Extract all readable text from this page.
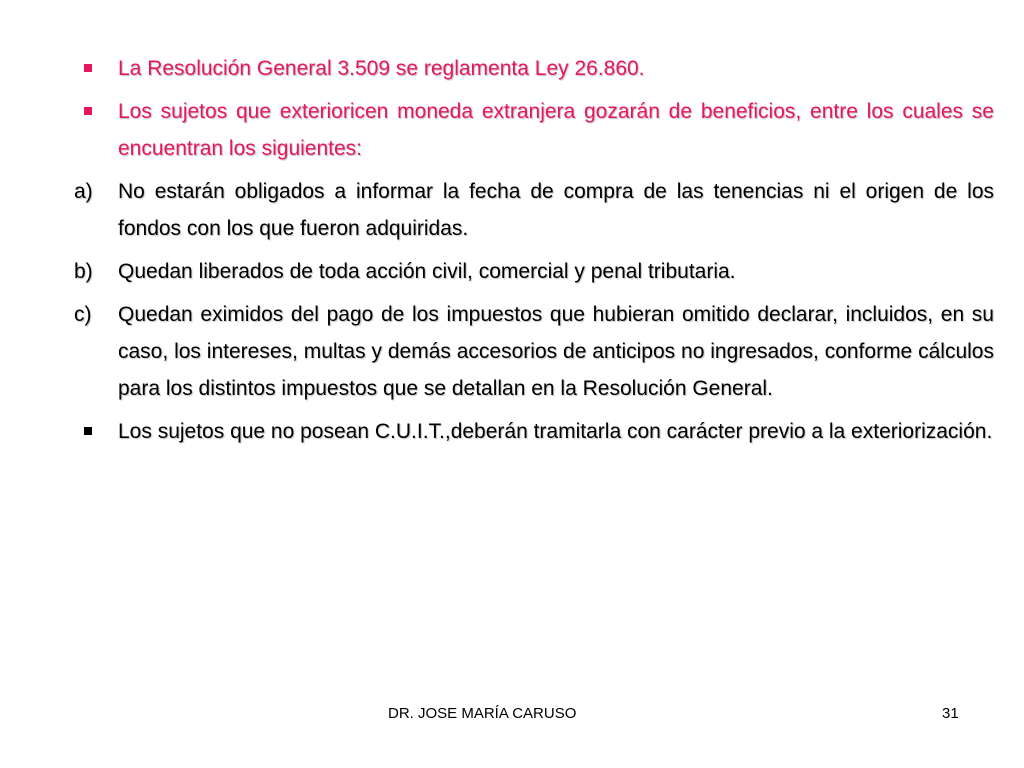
La Resolución General 3.509 se reglamenta Ley 26.860.
Los sujetos que exterioricen moneda extranjera gozarán de beneficios, entre los cuales se encuentran los siguientes:
a)	No estarán obligados a informar la fecha de compra de las tenencias ni el origen de los fondos con los que fueron adquiridas.
b)	Quedan liberados de toda acción civil, comercial y penal tributaria.
c)	Quedan eximidos del pago de los impuestos que hubieran omitido declarar, incluidos, en su caso, los intereses, multas y demás accesorios de anticipos no ingresados, conforme cálculos para los distintos impuestos que se detallan en la Resolución General.
Los sujetos que no posean C.U.I.T.,deberán tramitarla con carácter previo a la exteriorización.
DR. JOSE MARÍA CARUSO	31
